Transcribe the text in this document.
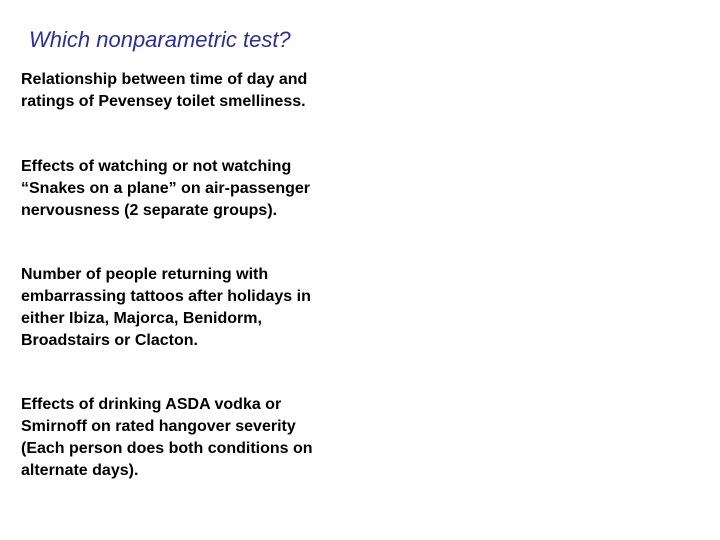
Which nonparametric test?
Relationship between time of day and
ratings of Pevensey toilet smelliness.
Effects of watching or not watching
“Snakes on a plane” on air-passenger
nervousness (2 separate groups).
Number of people returning with
embarrassing tattoos after holidays in
either Ibiza, Majorca, Benidorm,
Broadstairs or Clacton.
Effects of drinking ASDA vodka or
Smirnoff on rated hangover severity
(Each person does both conditions on
alternate days).
